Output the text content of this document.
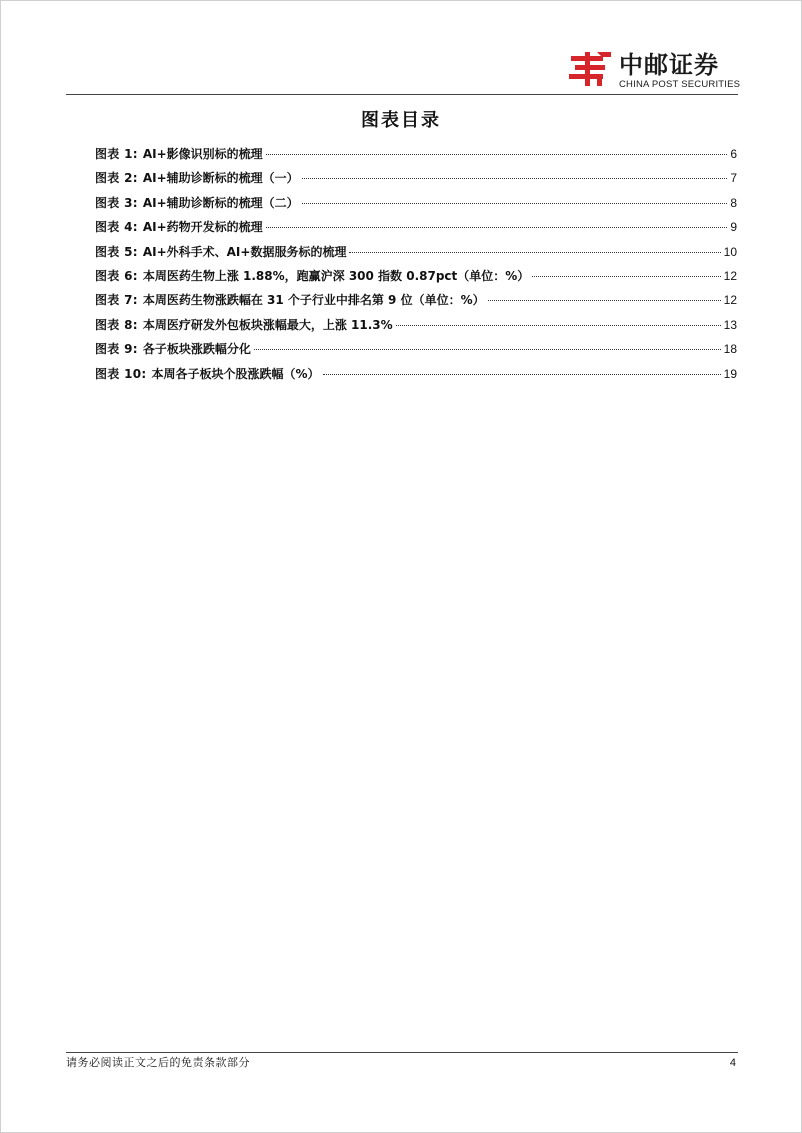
中邮证券
CHINA POST SECURITIES
图表目录
图表 1: AI+影像识别标的梳理	6
图表 2: AI+辅助诊断标的梳理（一）	7
图表 3: AI+辅助诊断标的梳理（二）	8
图表 4: AI+药物开发标的梳理	9
图表 5: AI+外科手术、AI+数据服务标的梳理	10
图表 6: 本周医药生物上涨 1.88%，跑赢沪深 300 指数 0.87pct（单位：%）	12
图表 7: 本周医药生物涨跌幅在 31 个子行业中排名第 9 位（单位：%）	12
图表 8: 本周医疗研发外包板块涨幅最大，上涨 11.3%	13
图表 9: 各子板块涨跌幅分化	18
图表 10: 本周各子板块个股涨跌幅（%）	19
请务必阅读正文之后的免责条款部分	4
